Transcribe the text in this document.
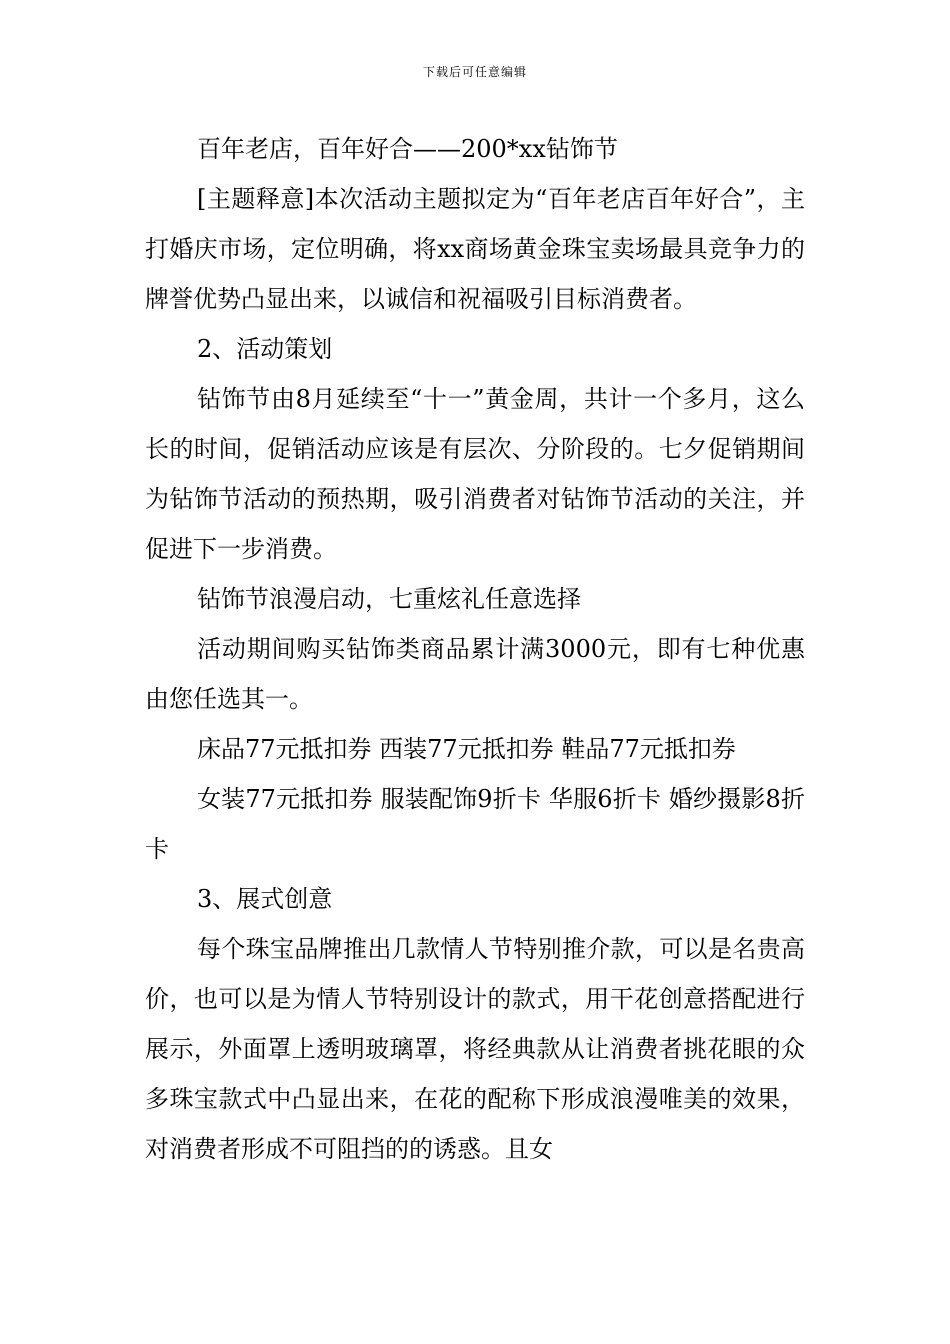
下载后可任意编辑

百年老店，百年好合——200*xx钻饰节

[主题释意]本次活动主题拟定为“百年老店百年好合”，主打婚庆市场，定位明确，将xx商场黄金珠宝卖场最具竞争力的牌誉优势凸显出来，以诚信和祝福吸引目标消费者。

2、活动策划

钻饰节由8月延续至“十一”黄金周，共计一个多月，这么长的时间，促销活动应该是有层次、分阶段的。七夕促销期间为钻饰节活动的预热期，吸引消费者对钻饰节活动的关注，并促进下一步消费。

钻饰节浪漫启动，七重炫礼任意选择

活动期间购买钻饰类商品累计满3000元，即有七种优惠由您任选其一。

床品77元抵扣券 西装77元抵扣券 鞋品77元抵扣券

女装77元抵扣券 服装配饰9折卡 华服6折卡 婚纱摄影8折卡

3、展式创意

每个珠宝品牌推出几款情人节特别推介款，可以是名贵高价，也可以是为情人节特别设计的款式，用干花创意搭配进行展示，外面罩上透明玻璃罩，将经典款从让消费者挑花眼的众多珠宝款式中凸显出来，在花的配称下形成浪漫唯美的效果，对消费者形成不可阻挡的的诱惑。且女
